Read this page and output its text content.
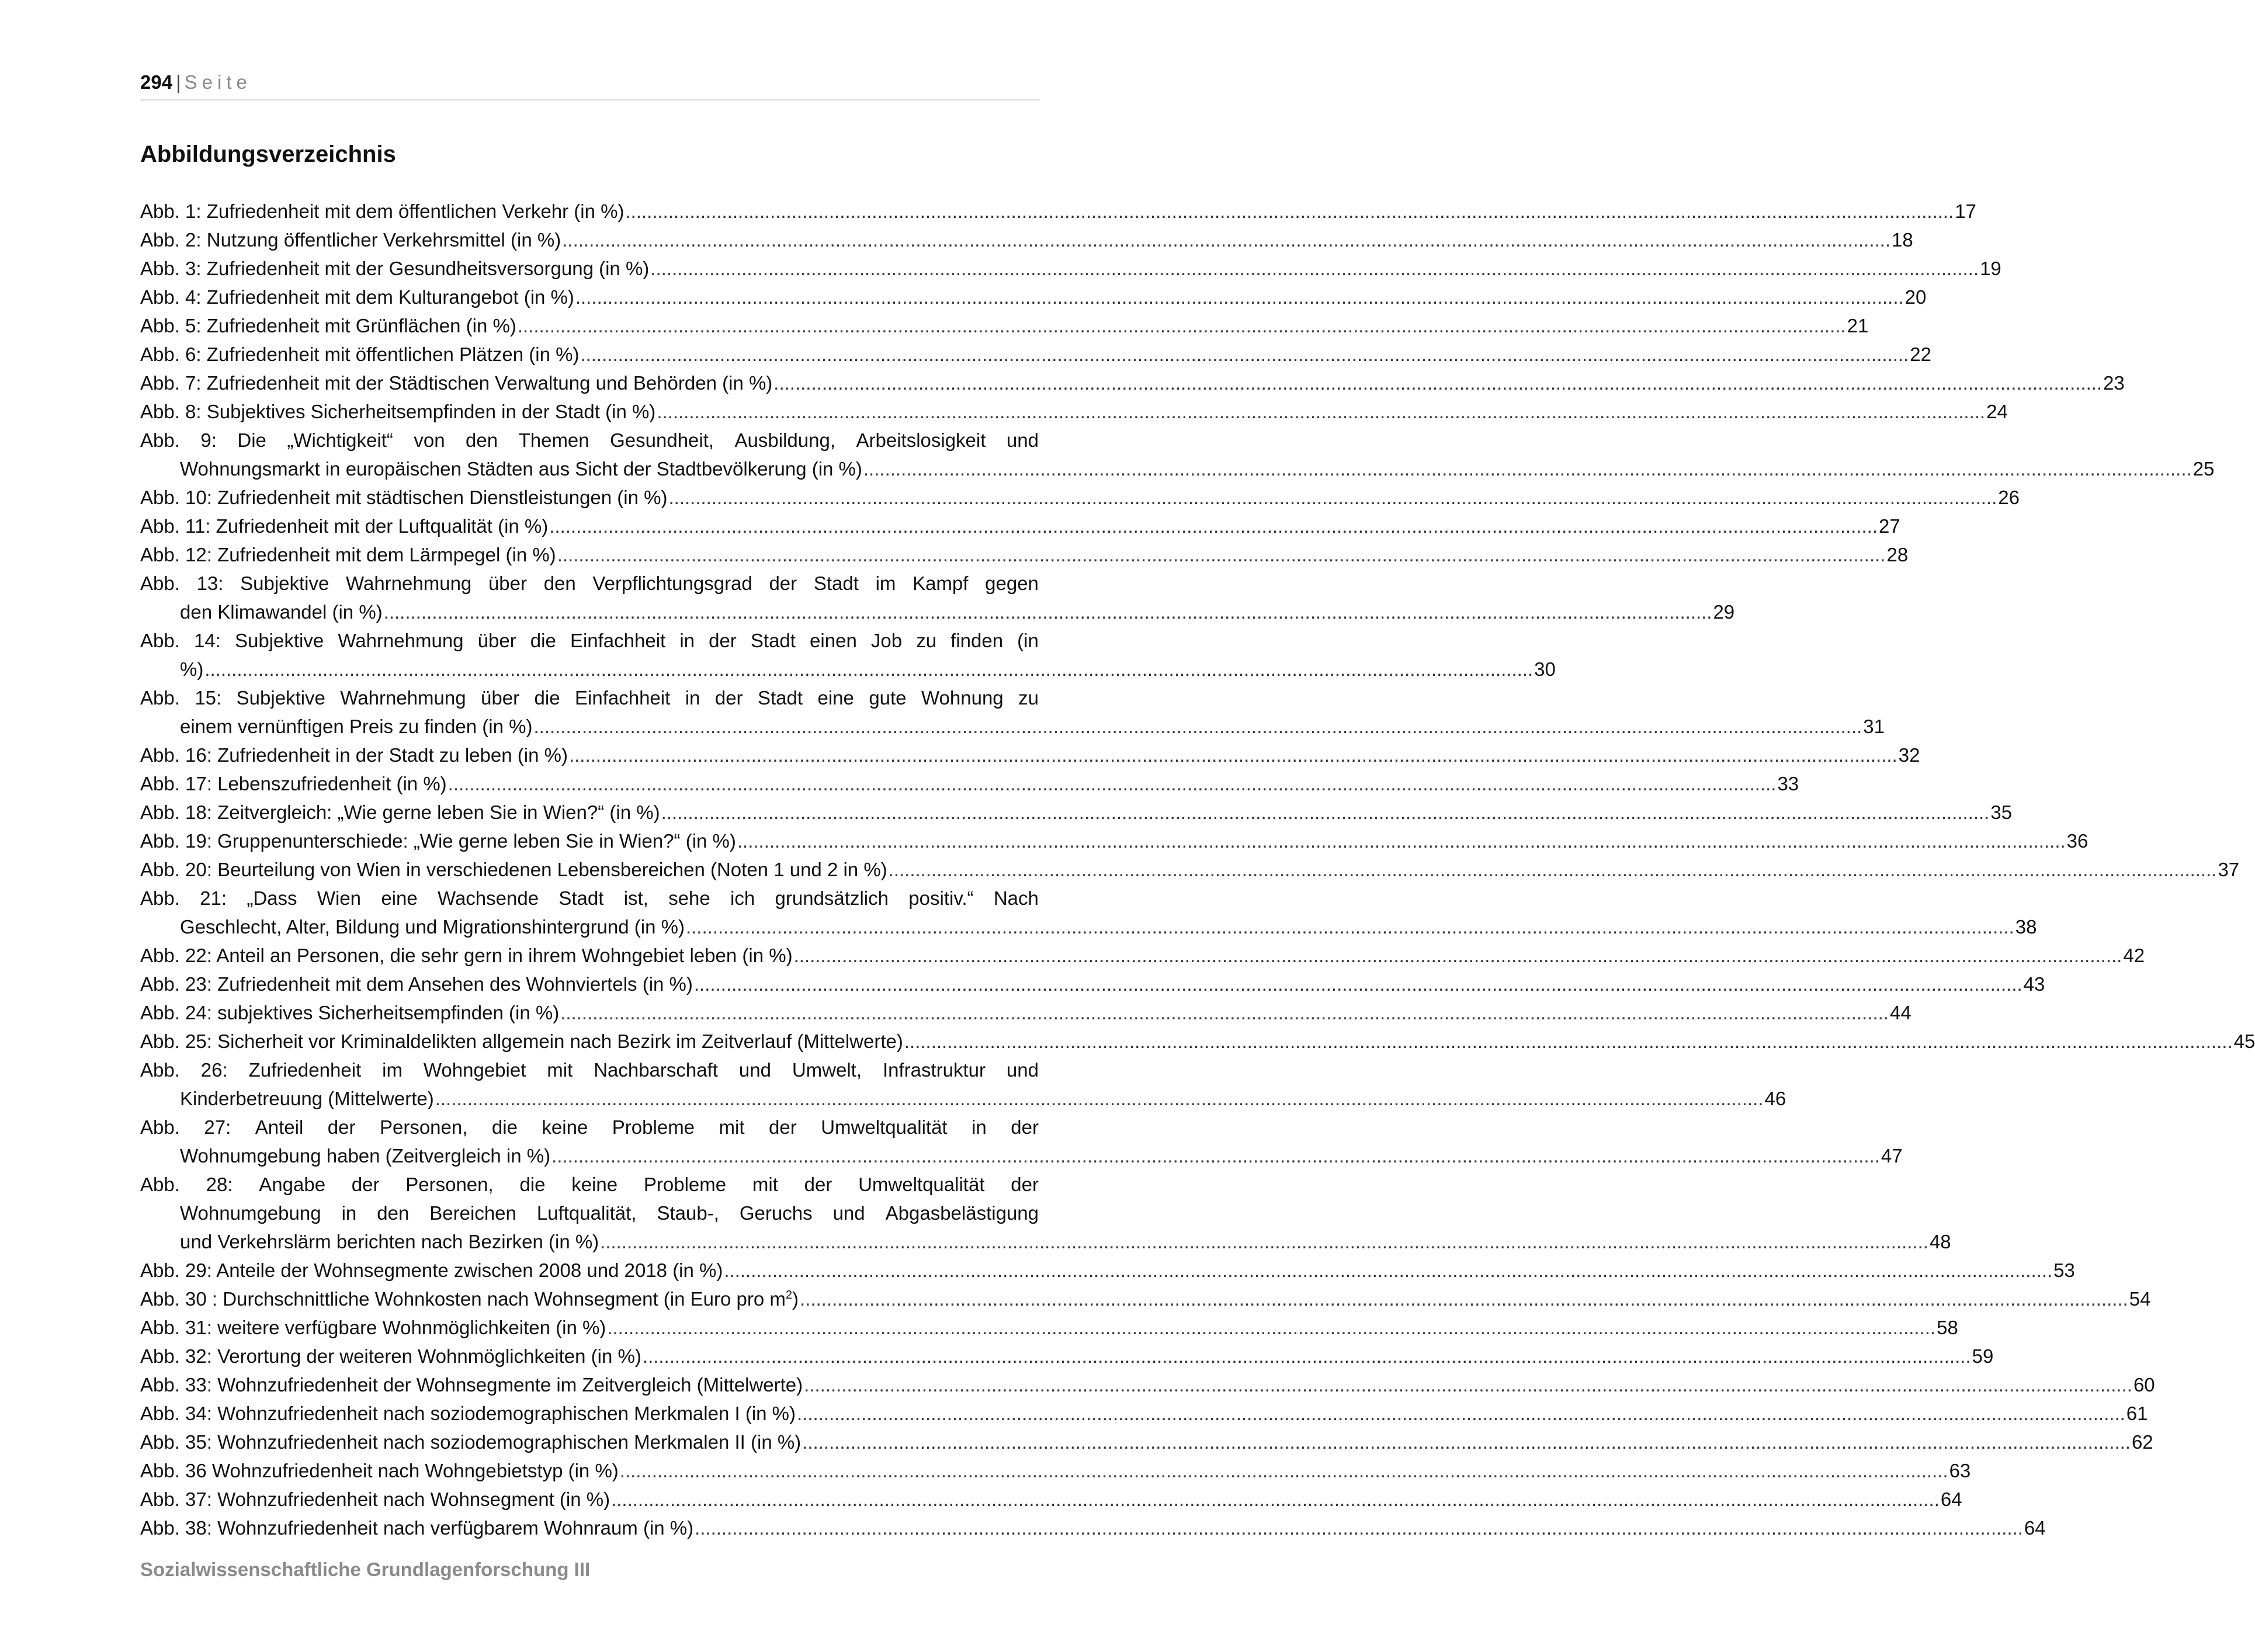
294 | Seite
Abbildungsverzeichnis
Abb. 1: Zufriedenheit mit dem öffentlichen Verkehr (in %) .....	17
Abb. 2: Nutzung öffentlicher Verkehrsmittel (in %) .....	18
Abb. 3: Zufriedenheit mit der Gesundheitsversorgung (in %) .....	19
Abb. 4: Zufriedenheit mit dem Kulturangebot (in %) .....	20
Abb. 5: Zufriedenheit mit Grünflächen (in %) .....	21
Abb. 6: Zufriedenheit mit öffentlichen Plätzen (in %) .....	22
Abb. 7: Zufriedenheit mit der Städtischen Verwaltung und Behörden (in %) .....	23
Abb. 8: Subjektives Sicherheitsempfinden in der Stadt (in %) .....	24
Abb. 9: Die „Wichtigkeit“ von den Themen Gesundheit, Ausbildung, Arbeitslosigkeit und
Wohnungsmarkt in europäischen Städten aus Sicht der Stadtbevölkerung (in %) .....	25
Abb. 10: Zufriedenheit mit städtischen Dienstleistungen (in %) .....	26
Abb. 11: Zufriedenheit mit der Luftqualität (in %) .....	27
Abb. 12: Zufriedenheit mit dem Lärmpegel (in %) .....	28
Abb. 13: Subjektive Wahrnehmung über den Verpflichtungsgrad der Stadt im Kampf gegen
den Klimawandel (in %) .....	29
Abb. 14: Subjektive Wahrnehmung über die Einfachheit in der Stadt einen Job zu finden (in
%) .....	30
Abb. 15: Subjektive Wahrnehmung über die Einfachheit in der Stadt eine gute Wohnung zu
einem vernünftigen Preis zu finden (in %) .....	31
Abb. 16: Zufriedenheit in der Stadt zu leben (in %) .....	32
Abb. 17: Lebenszufriedenheit (in %) .....	33
Abb. 18: Zeitvergleich: „Wie gerne leben Sie in Wien?“ (in %) .....	35
Abb. 19: Gruppenunterschiede: „Wie gerne leben Sie in Wien?“ (in %) .....	36
Abb. 20: Beurteilung von Wien in verschiedenen Lebensbereichen (Noten 1 und 2 in %) .....	37
Abb. 21: „Dass Wien eine Wachsende Stadt ist, sehe ich grundsätzlich positiv.“ Nach
Geschlecht, Alter, Bildung und Migrationshintergrund (in %) .....	38
Abb. 22: Anteil an Personen, die sehr gern in ihrem Wohngebiet leben (in %) .....	42
Abb. 23: Zufriedenheit mit dem Ansehen des Wohnviertels (in %) .....	43
Abb. 24: subjektives Sicherheitsempfinden (in %) .....	44
Abb. 25: Sicherheit vor Kriminaldelikten allgemein nach Bezirk im Zeitverlauf (Mittelwerte) .....	45
Abb. 26: Zufriedenheit im Wohngebiet mit Nachbarschaft und Umwelt, Infrastruktur und
Kinderbetreuung (Mittelwerte) .....	46
Abb. 27: Anteil der Personen, die keine Probleme mit der Umweltqualität in der
Wohnumgebung haben (Zeitvergleich in %) .....	47
Abb. 28: Angabe der Personen, die keine Probleme mit der Umweltqualität der
Wohnumgebung in den Bereichen Luftqualität, Staub-, Geruchs und Abgasbelästigung
und Verkehrslärm berichten nach Bezirken (in %) .....	48
Abb. 29: Anteile der Wohnsegmente zwischen 2008 und 2018 (in %) .....	53
Abb. 30 : Durchschnittliche Wohnkosten nach Wohnsegment (in Euro pro $m^2$) .....	54
Abb. 31: weitere verfügbare Wohnmöglichkeiten (in %) .....	58
Abb. 32: Verortung der weiteren Wohnmöglichkeiten (in %) .....	59
Abb. 33: Wohnzufriedenheit der Wohnsegmente im Zeitvergleich (Mittelwerte) .....	60
Abb. 34: Wohnzufriedenheit nach soziodemographischen Merkmalen I (in %) .....	61
Abb. 35: Wohnzufriedenheit nach soziodemographischen Merkmalen II (in %) .....	62
Abb. 36 Wohnzufriedenheit nach Wohngebietstyp (in %) .....	63
Abb. 37: Wohnzufriedenheit nach Wohnsegment (in %) .....	64
Abb. 38: Wohnzufriedenheit nach verfügbarem Wohnraum (in %) .....	64
Sozialwissenschaftliche Grundlagenforschung III
